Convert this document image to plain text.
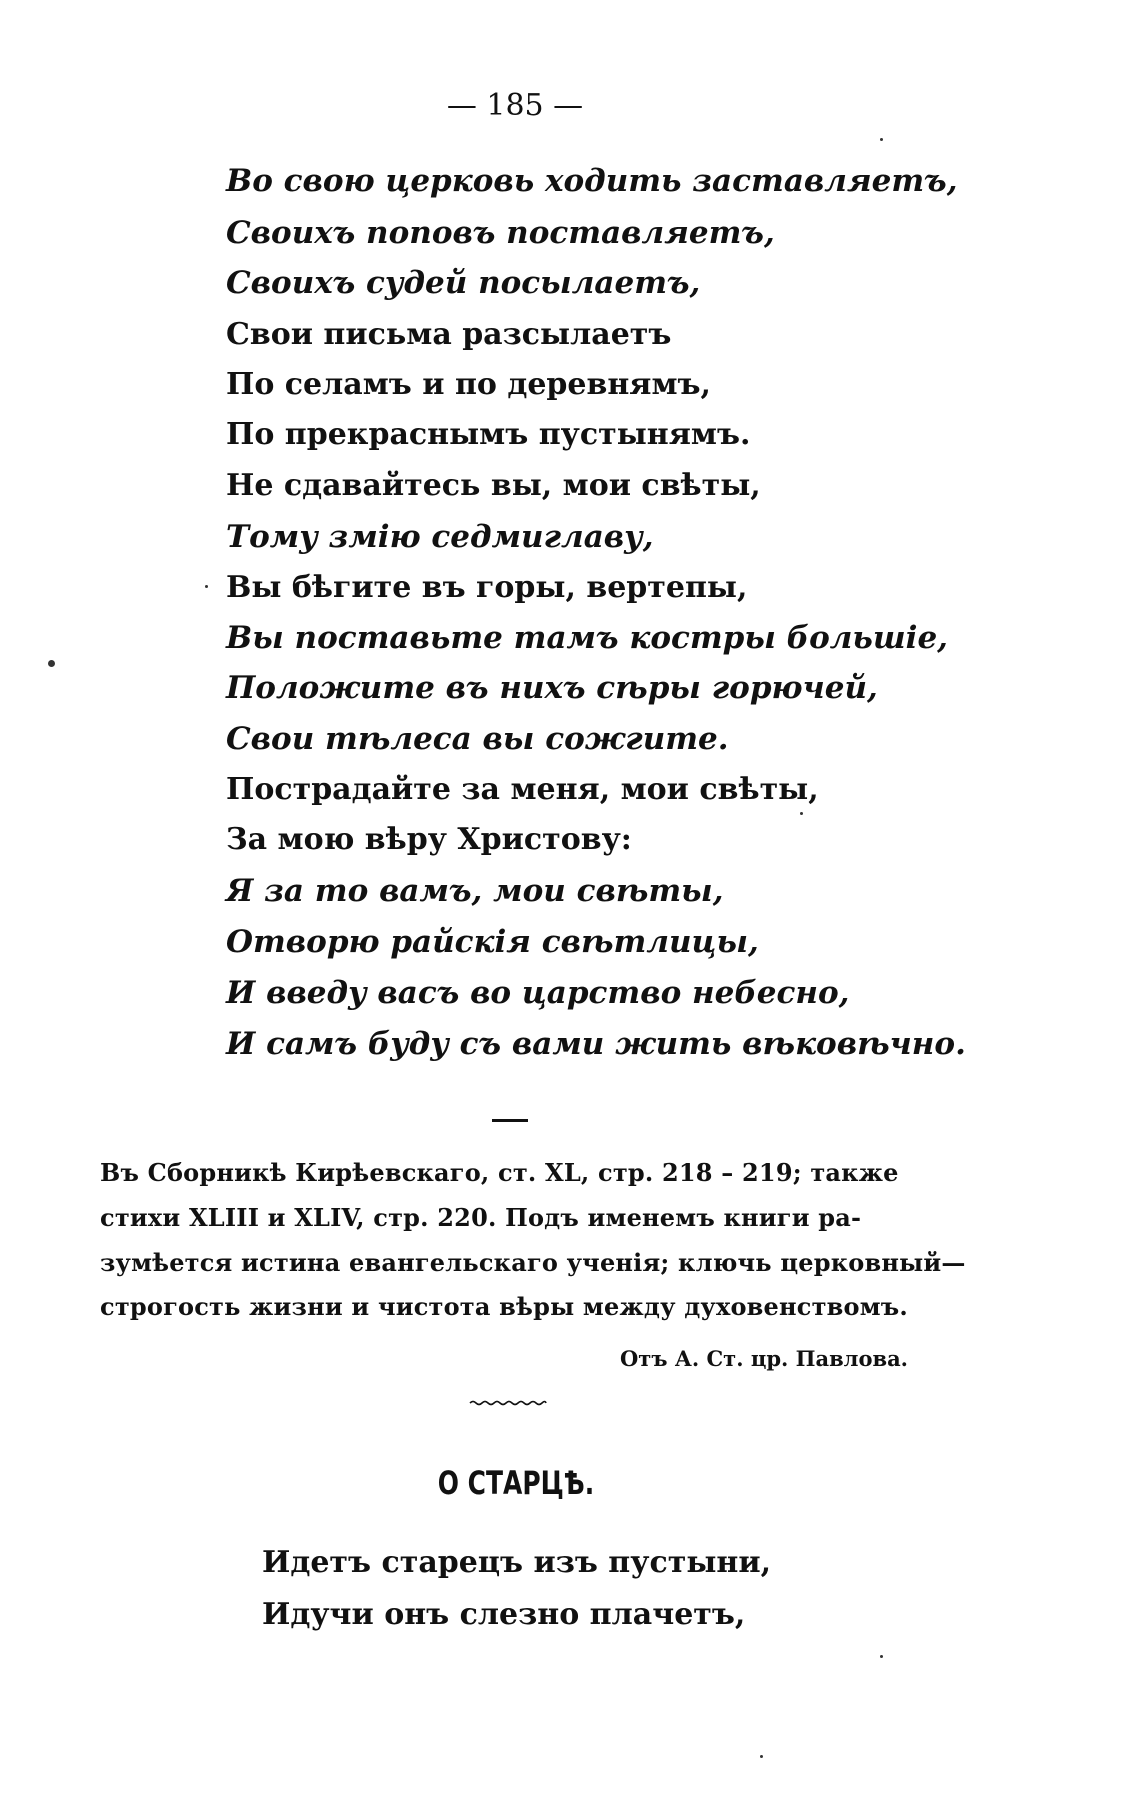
— 185 —
Во свою церковь ходить заставляетъ,
Своихъ поповъ поставляетъ,
Своихъ судей посылаетъ,
Свои письма разсылаетъ
По селамъ и по деревнямъ,
По прекраснымъ пустынямъ.
Не сдавайтесь вы, мои свѣты,
Тому змію седмиглаву,
Вы бѣгите въ горы, вертепы,
Вы поставьте тамъ костры большіе,
Положите въ нихъ сѣры горючей,
Свои тѣлеса вы сожгите.
Пострадайте за меня, мои свѣты,
За мою вѣру Христову:
Я за то вамъ, мои свѣты,
Отворю райскія свѣтлицы,
И введу васъ во царство небесно,
И самъ буду съ вами жить вѣковѣчно.
Въ Сборникѣ Кирѣевскаго, ст. XL, стр. 218 – 219; также
стихи XLIII и XLIV, стр. 220. Подъ именемъ книги ра-
зумѣется истина евангельскаго ученія; ключь церковный—
строгость жизни и чистота вѣры между духовенствомъ.
Отъ А. Ст. цр. Павлова.
О СТАРЦѢ.
Идетъ старецъ изъ пустыни,
Идучи онъ слезно плачетъ,
